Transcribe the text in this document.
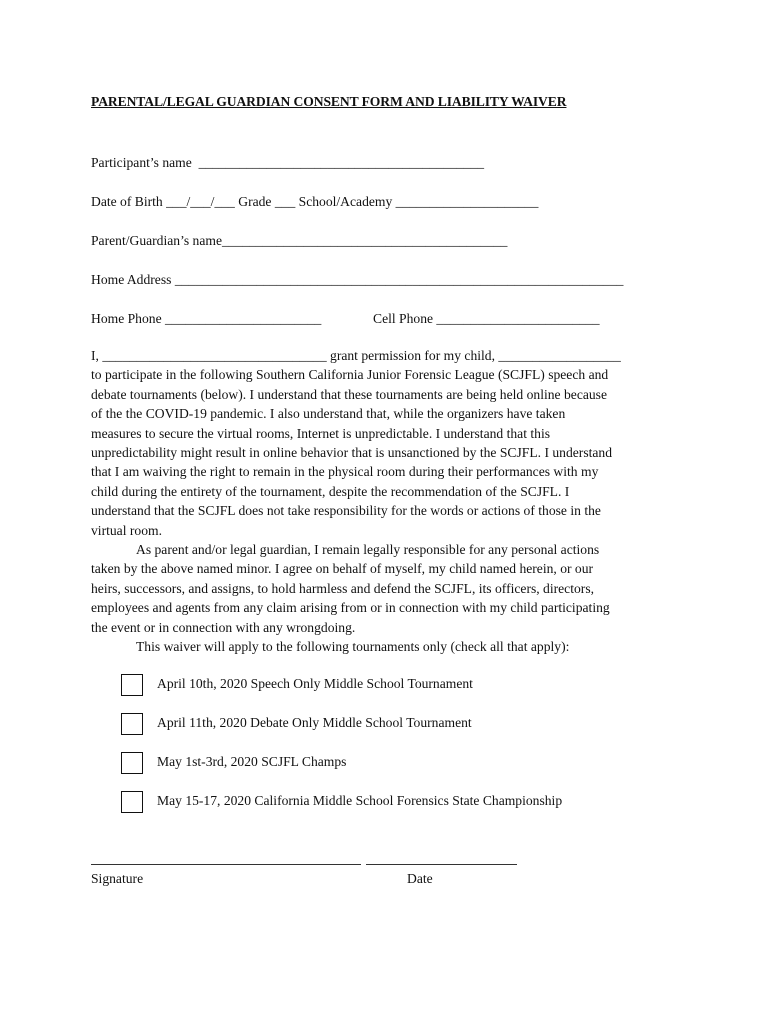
PARENTAL/LEGAL GUARDIAN CONSENT FORM AND LIABILITY WAIVER
Participant’s name  __________________________________________
Date of Birth ___/___/___ Grade ___ School/Academy _____________________
Parent/Guardian’s name__________________________________________
Home Address __________________________________________________________________
Home Phone _______________________	Cell Phone ________________________

I, _________________________________ grant permission for my child, __________________

to participate in the following Southern California Junior Forensic League (SCJFL) speech and

debate tournaments (below). I understand that these tournaments are being held online because

of the the COVID-19 pandemic. I also understand that, while the organizers have taken

measures to secure the virtual rooms, Internet is unpredictable. I understand that this

unpredictability might result in online behavior that is unsanctioned by the SCJFL. I understand

that I am waiving the right to remain in the physical room during their performances with my

child during the entirety of the tournament, despite the recommendation of the SCJFL. I

understand that the SCJFL does not take responsibility for the words or actions of those in the

virtual room.

As parent and/or legal guardian, I remain legally responsible for any personal actions

taken by the above named minor. I agree on behalf of myself, my child named herein, or our

heirs, successors, and assigns, to hold harmless and defend the SCJFL, its officers, directors,

employees and agents from any claim arising from or in connection with my child participating

the event or in connection with any wrongdoing.

This waiver will apply to the following tournaments only (check all that apply):

April 10th, 2020 Speech Only Middle School Tournament
April 11th, 2020 Debate Only Middle School Tournament
May 1st-3rd, 2020 SCJFL Champs
May 15-17, 2020 California Middle School Forensics State Championship
Signature	Date
